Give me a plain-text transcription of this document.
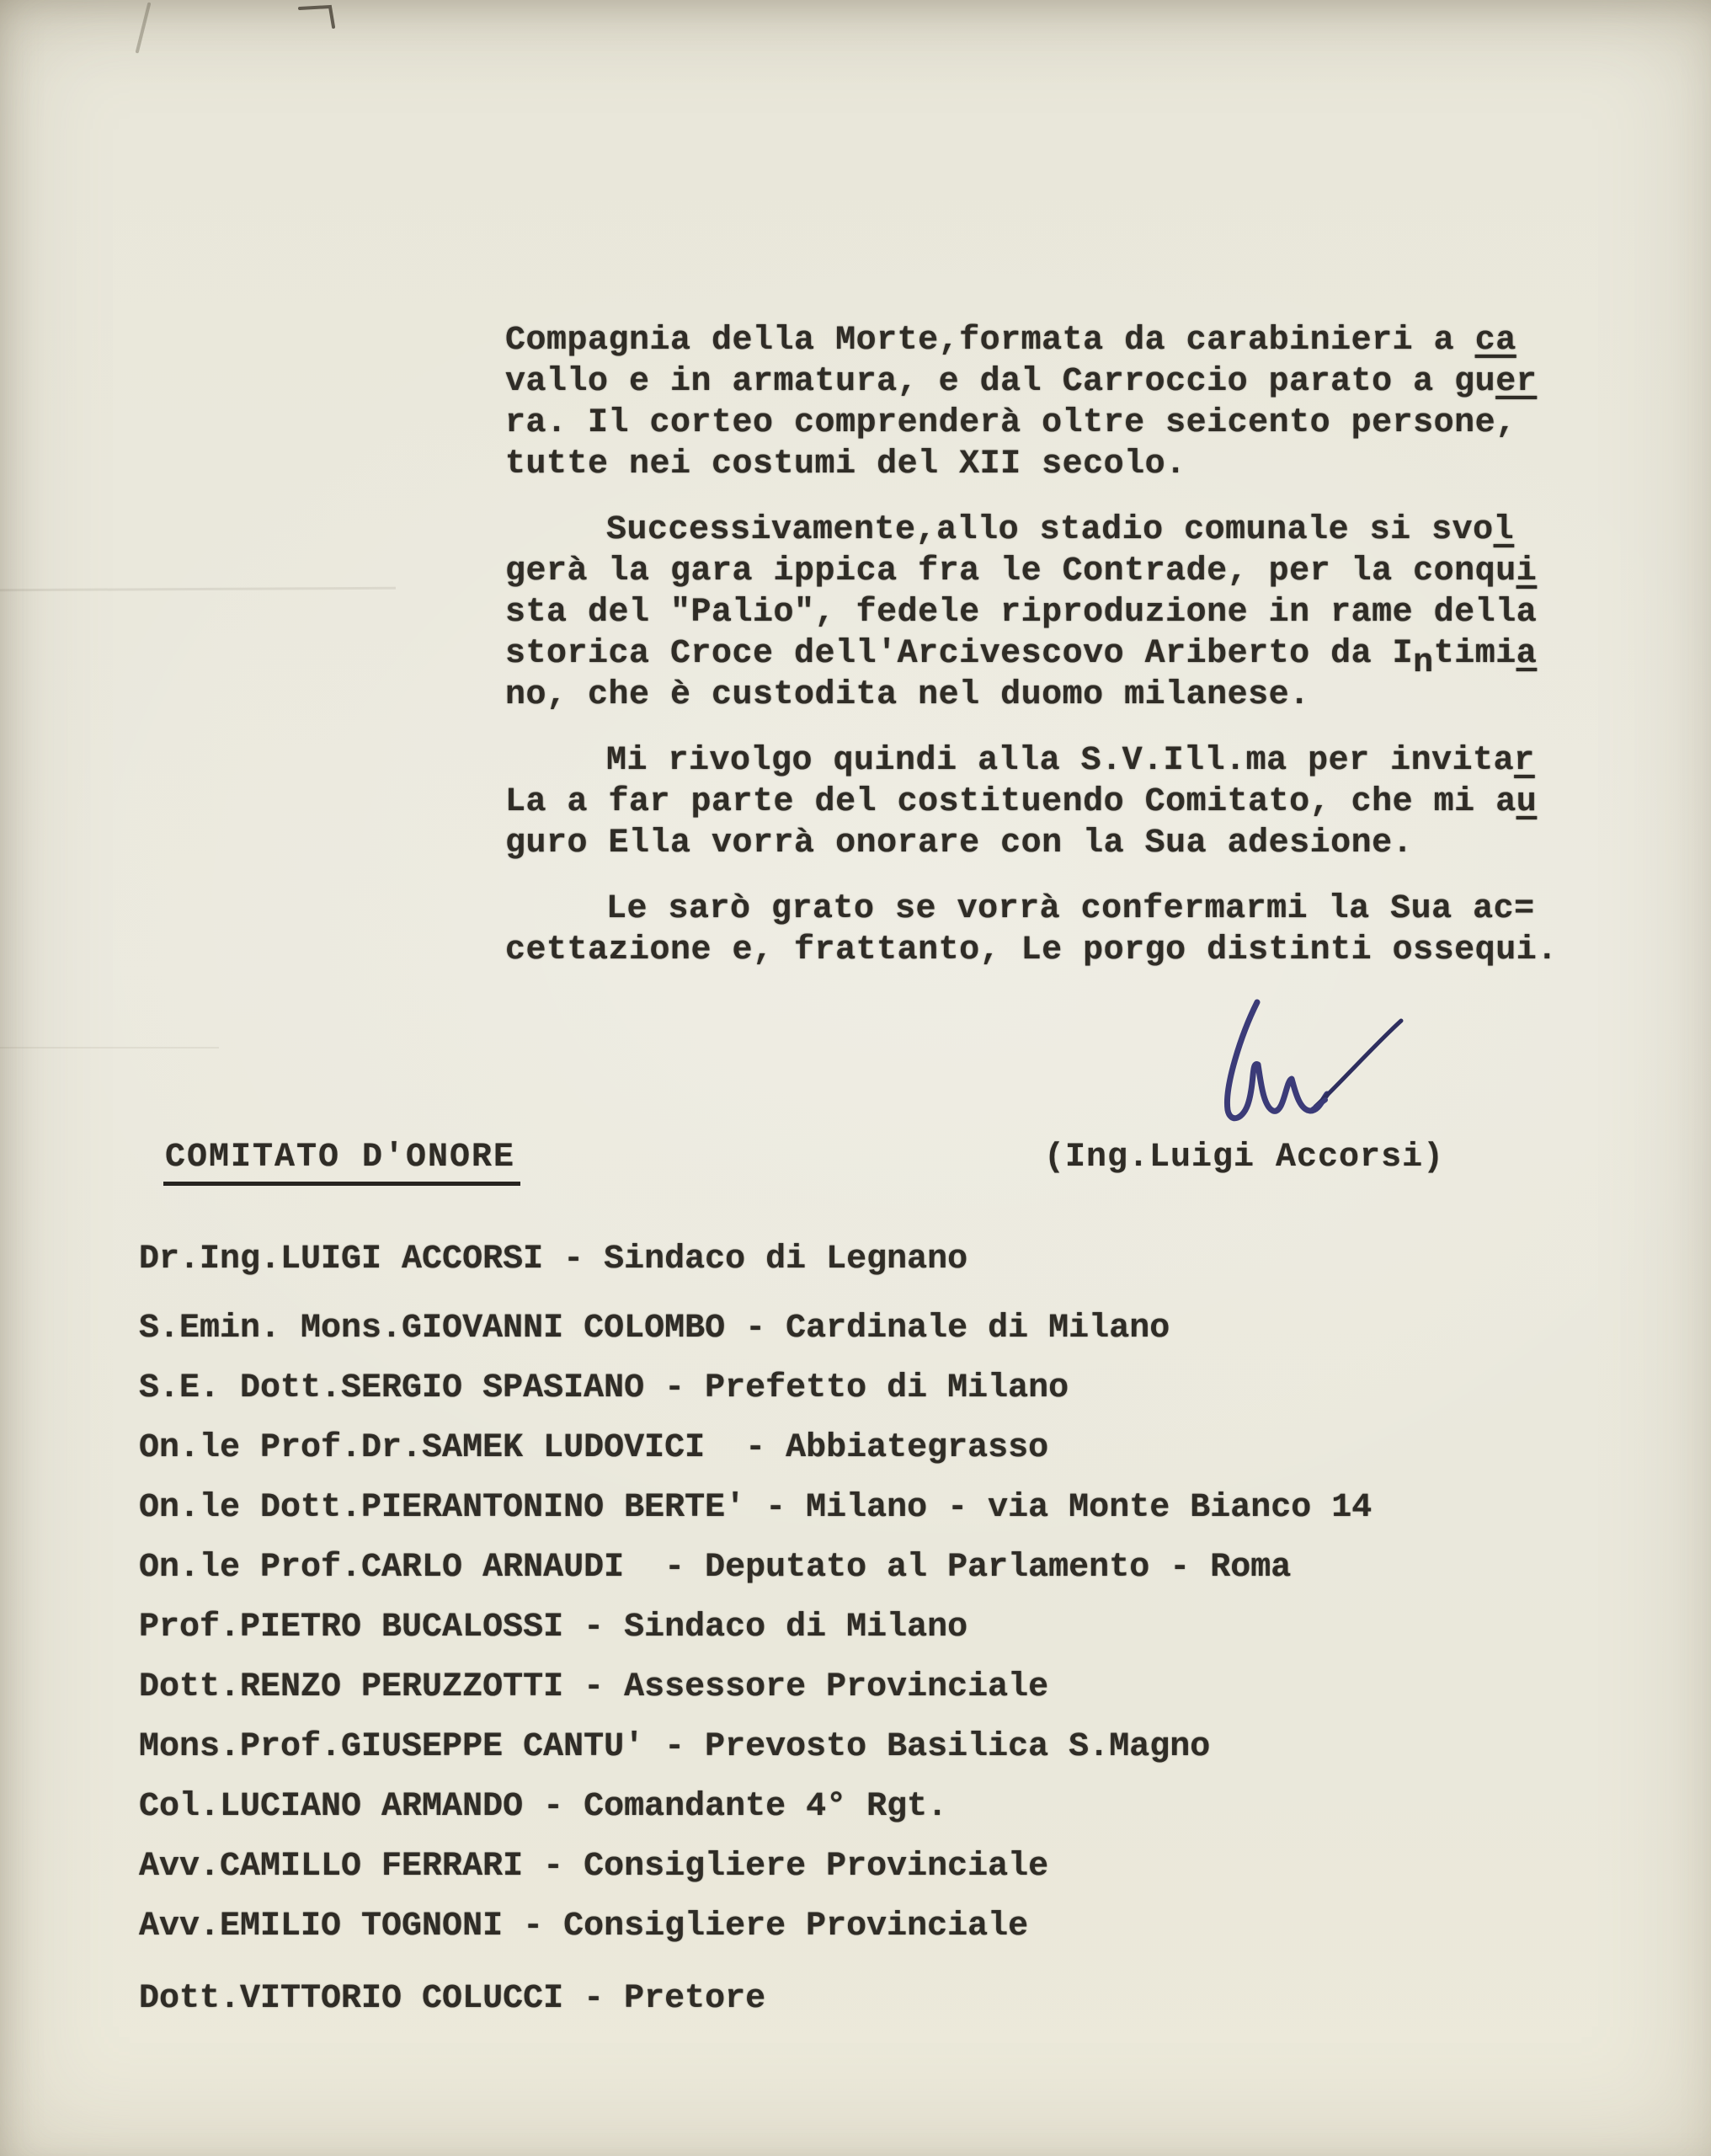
Compagnia della Morte,formata da carabinieri a ca
vallo e in armatura, e dal Carroccio parato a guer
ra. Il corteo comprenderà oltre seicento persone,
tutte nei costumi del XII secolo.
Successivamente,allo stadio comunale si svol
gerà la gara ippica fra le Contrade, per la conqui
sta del "Palio", fedele riproduzione in rame della
storica Croce dell'Arcivescovo Ariberto da Intimia
no, che è custodita nel duomo milanese.
Mi rivolgo quindi alla S.V.Ill.ma per invitar
La a far parte del costituendo Comitato, che mi au
guro Ella vorrà onorare con la Sua adesione.
Le sarò grato se vorrà confermarmi la Sua ac=
cettazione e, frattanto, Le porgo distinti ossequi.
(Ing.Luigi Accorsi)
COMITATO D'ONORE
Dr.Ing.LUIGI ACCORSI - Sindaco di Legnano
S.Emin. Mons.GIOVANNI COLOMBO - Cardinale di Milano
S.E. Dott.SERGIO SPASIANO - Prefetto di Milano
On.le Prof.Dr.SAMEK LUDOVICI  - Abbiategrasso
On.le Dott.PIERANTONINO BERTE' - Milano - via Monte Bianco 14
On.le Prof.CARLO ARNAUDI  - Deputato al Parlamento - Roma
Prof.PIETRO BUCALOSSI - Sindaco di Milano
Dott.RENZO PERUZZOTTI - Assessore Provinciale
Mons.Prof.GIUSEPPE CANTU' - Prevosto Basilica S.Magno
Col.LUCIANO ARMANDO - Comandante 4° Rgt.
Avv.CAMILLO FERRARI - Consigliere Provinciale
Avv.EMILIO TOGNONI - Consigliere Provinciale
Dott.VITTORIO COLUCCI - Pretore
